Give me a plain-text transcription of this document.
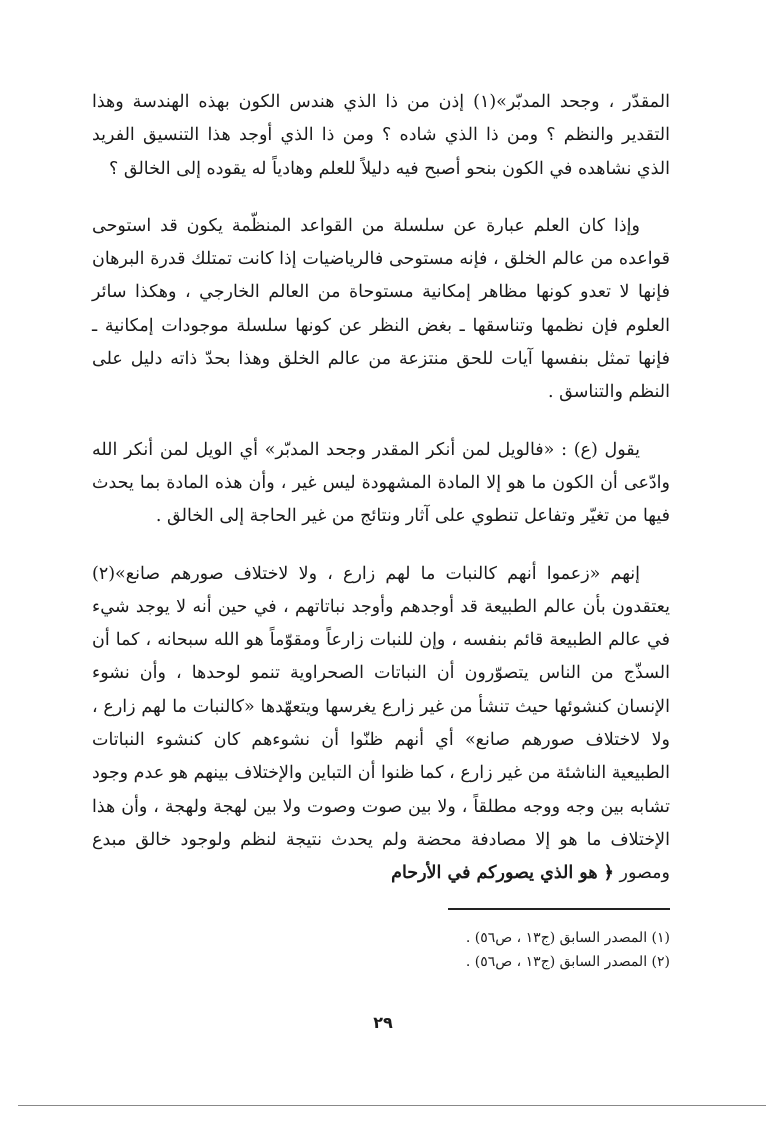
المقدّر ، وجحد المدبّر»(١) إذن من ذا الذي هندس الكون بهذه الهندسة وهذا التقدير والنظم ؟ ومن ذا الذي شاده ؟ ومن ذا الذي أوجد هذا التنسيق الفريد الذي نشاهده في الكون بنحو أصبح فيه دليلاً للعلم وهادياً له يقوده إلى الخالق ؟

وإذا كان العلم عبارة عن سلسلة من القواعد المنظّمة يكون قد استوحى قواعده من عالم الخلق ، فإنه مستوحى فالرياضيات إذا كانت تمتلك قدرة البرهان فإنها لا تعدو كونها مظاهر إمكانية مستوحاة من العالم الخارجي ، وهكذا سائر العلوم فإن نظمها وتناسقها ـ بغض النظر عن كونها سلسلة موجودات إمكانية ـ فإنها تمثل بنفسها آيات للحق منتزعة من عالم الخلق وهذا بحدّ ذاته دليل على النظم والتناسق .

يقول (ع) : «فالويل لمن أنكر المقدر وجحد المدبّر» أي الويل لمن أنكر الله وادّعى أن الكون ما هو إلا المادة المشهودة ليس غير ، وأن هذه المادة بما يحدث فيها من تغيّر وتفاعل تنطوي على آثار ونتائج من غير الحاجة إلى الخالق .

إنهم «زعموا أنهم كالنبات ما لهم زارع ، ولا لاختلاف صورهم صانع»(٢) يعتقدون بأن عالم الطبيعة قد أوجدهم وأوجد نباتاتهم ، في حين أنه لا يوجد شيء في عالم الطبيعة قائم بنفسه ، وإن للنبات زارعاً ومقوّماً هو الله سبحانه ، كما أن السذّج من الناس يتصوّرون أن النباتات الصحراوية تنمو لوحدها ، وأن نشوء الإنسان كنشوئها حيث تنشأ من غير زارع يغرسها ويتعهّدها «كالنبات ما لهم زارع ، ولا لاختلاف صورهم صانع» أي أنهم ظنّوا أن نشوءهم كان كنشوء النباتات الطبيعية الناشئة من غير زارع ، كما ظنوا أن التباين والإختلاف بينهم هو عدم وجود تشابه بين وجه ووجه مطلقاً ، ولا بين صوت وصوت ولا بين لهجة ولهجة ، وأن هذا الإختلاف ما هو إلا مصادفة محضة ولم يحدث نتيجة لنظم ولوجود خالق مبدع ومصور ﴿ هو الذي يصوركم في الأرحام

(١) المصدر السابق (ج١٣ ، ص٥٦) .

(٢) المصدر السابق (ج١٣ ، ص٥٦) .

٢٩
